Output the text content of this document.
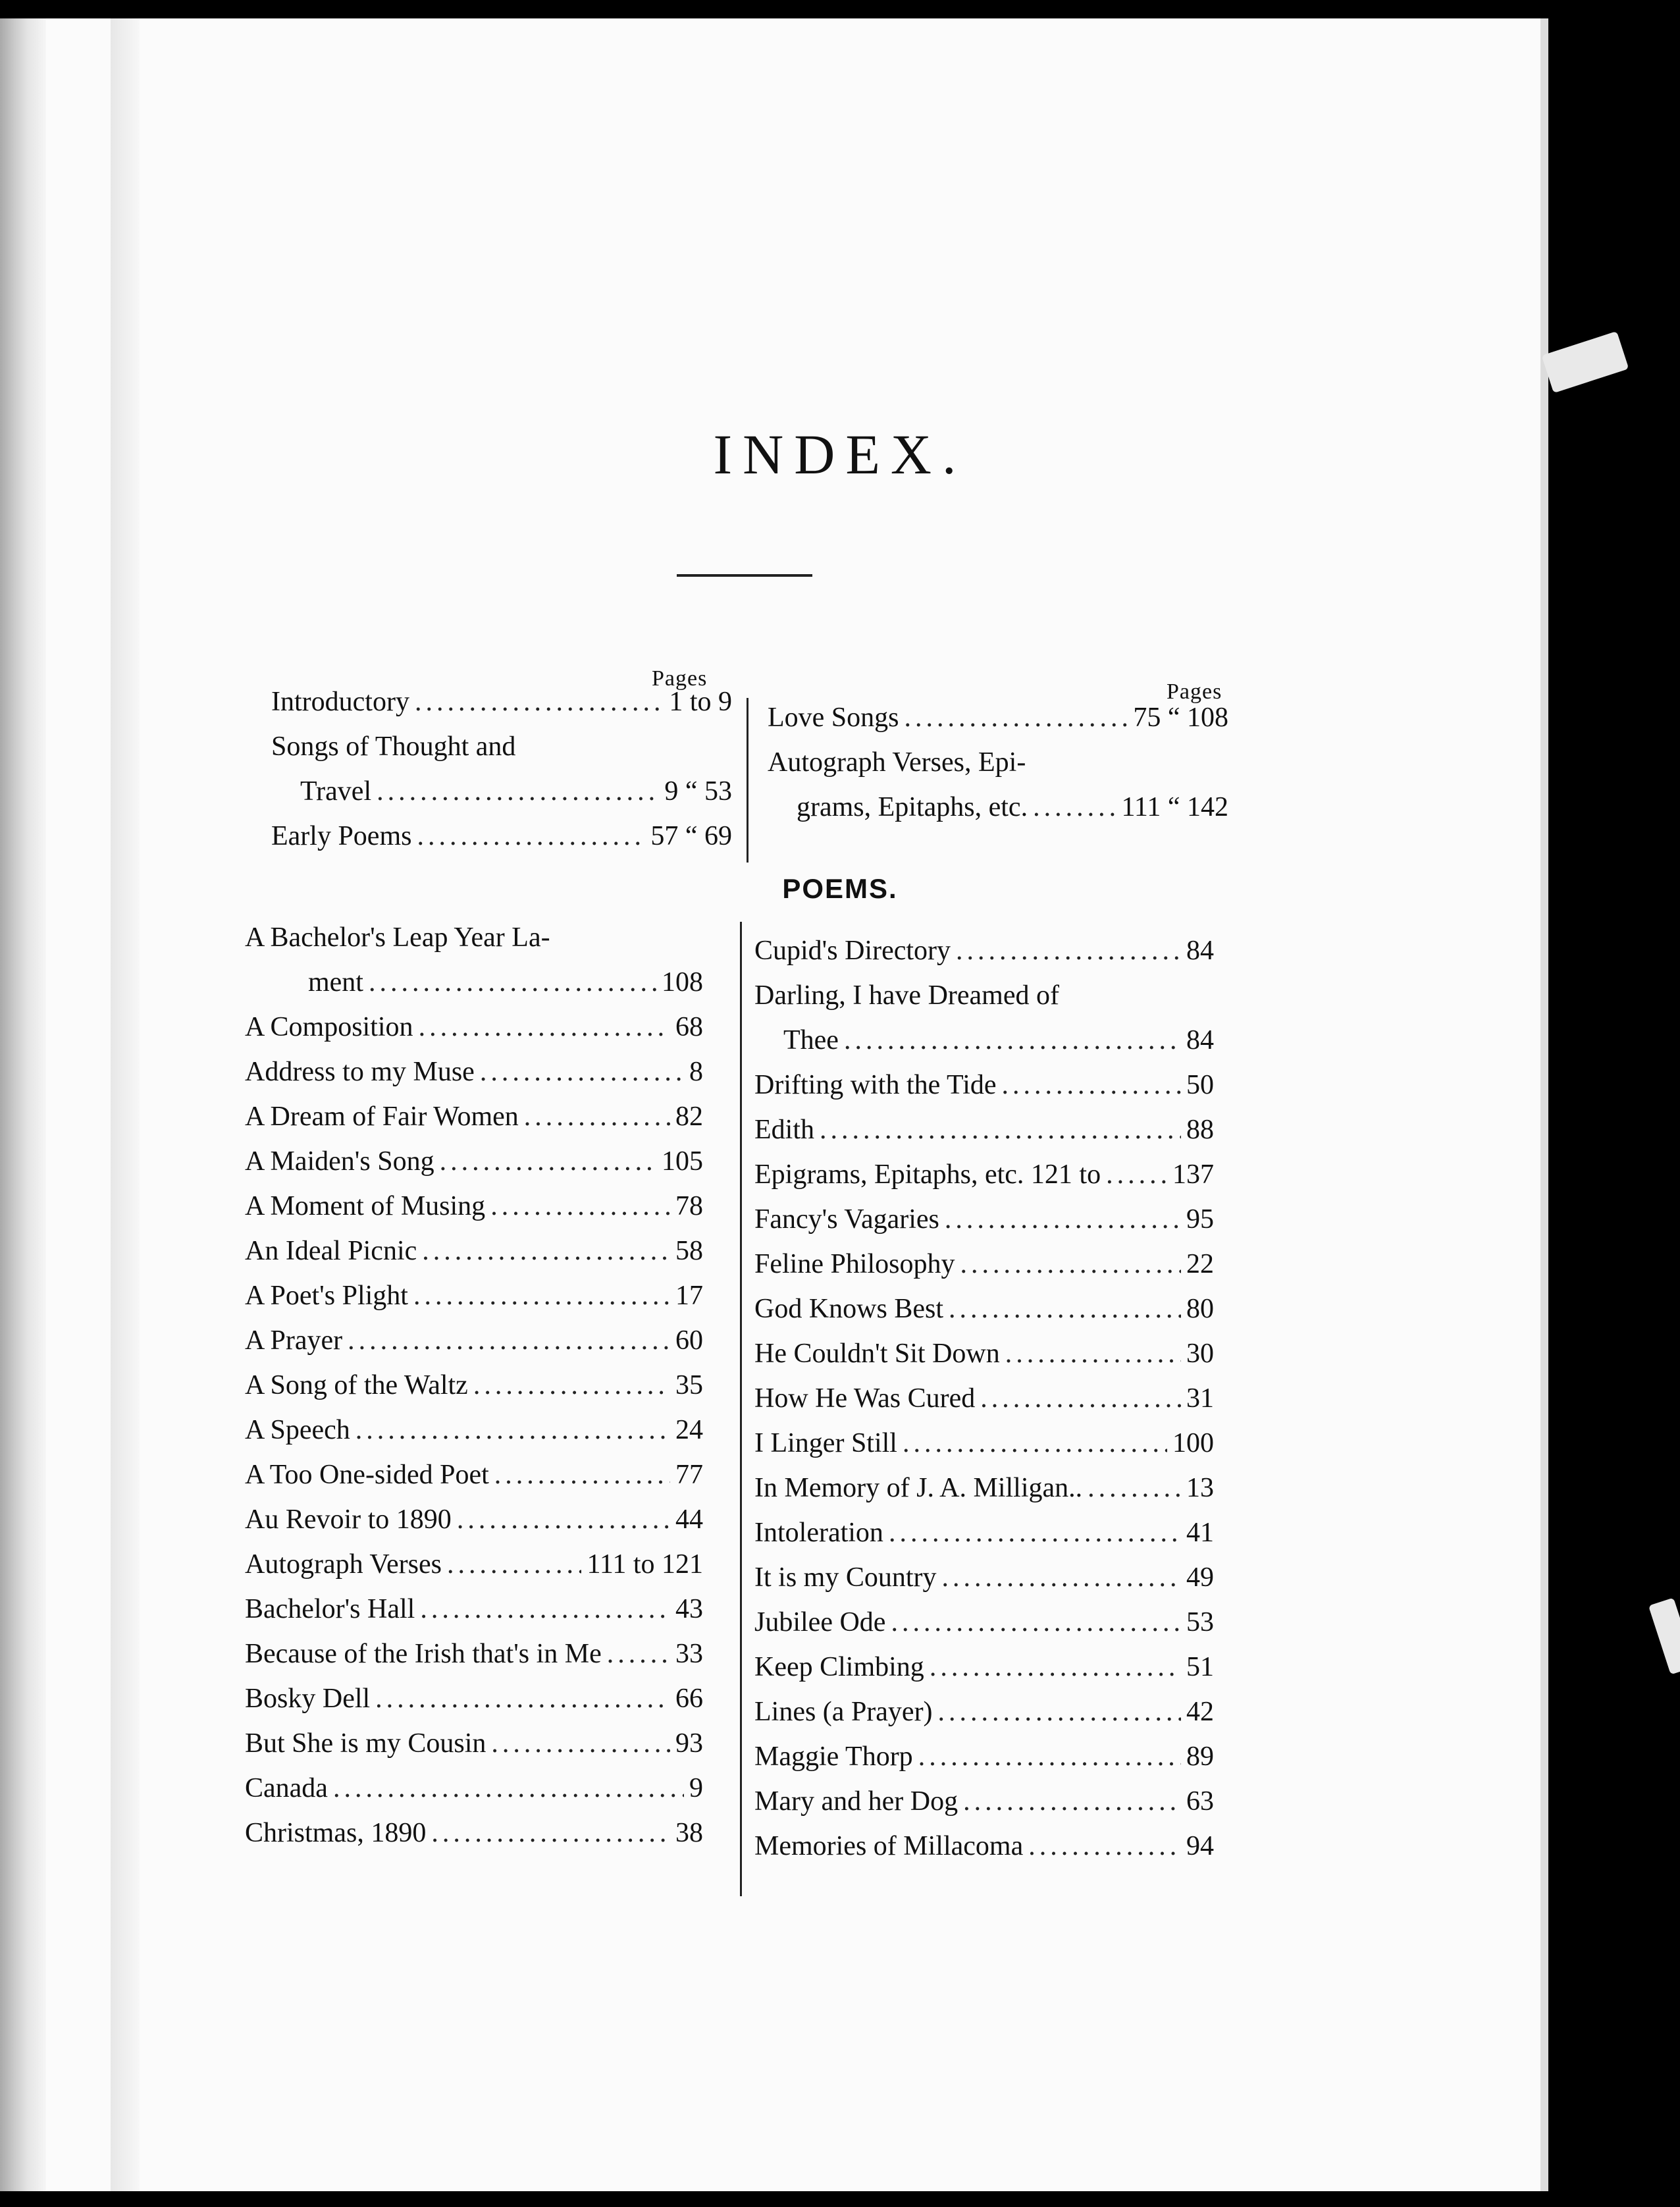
INDEX.
Pages
Pages
Introductory .....	1 to 9
Songs of Thought and
Travel .....	9 “ 53
Early Poems .....	57 “ 69
Love Songs .....	75 “ 108
Autograph Verses, Epi-
grams, Epitaphs, etc. .....	111 “ 142
POEMS.
A Bachelor's Leap Year La-
ment .....	108
A Composition .....	68
Address to my Muse .....	8
A Dream of Fair Women .....	82
A Maiden's Song .....	105
A Moment of Musing .....	78
An Ideal Picnic .....	58
A Poet's Plight .....	17
A Prayer .....	60
A Song of the Waltz .....	35
A Speech .....	24
A Too One-sided Poet .....	77
Au Revoir to 1890 .....	44
Autograph Verses .....	111 to 121
Bachelor's Hall .....	43
Because of the Irish that's in Me .....	33
Bosky Dell .....	66
But She is my Cousin .....	93
Canada .....	9
Christmas, 1890 .....	38
Cupid's Directory .....	84
Darling, I have Dreamed of
Thee .....	84
Drifting with the Tide .....	50
Edith .....	88
Epigrams, Epitaphs, etc. 121 to .....	137
Fancy's Vagaries .....	95
Feline Philosophy .....	22
God Knows Best .....	80
He Couldn't Sit Down .....	30
How He Was Cured .....	31
I Linger Still .....	100
In Memory of J. A. Milligan.. .....	13
Intoleration .....	41
It is my Country .....	49
Jubilee Ode .....	53
Keep Climbing .....	51
Lines (a Prayer) .....	42
Maggie Thorp .....	89
Mary and her Dog .....	63
Memories of Millacoma .....	94
